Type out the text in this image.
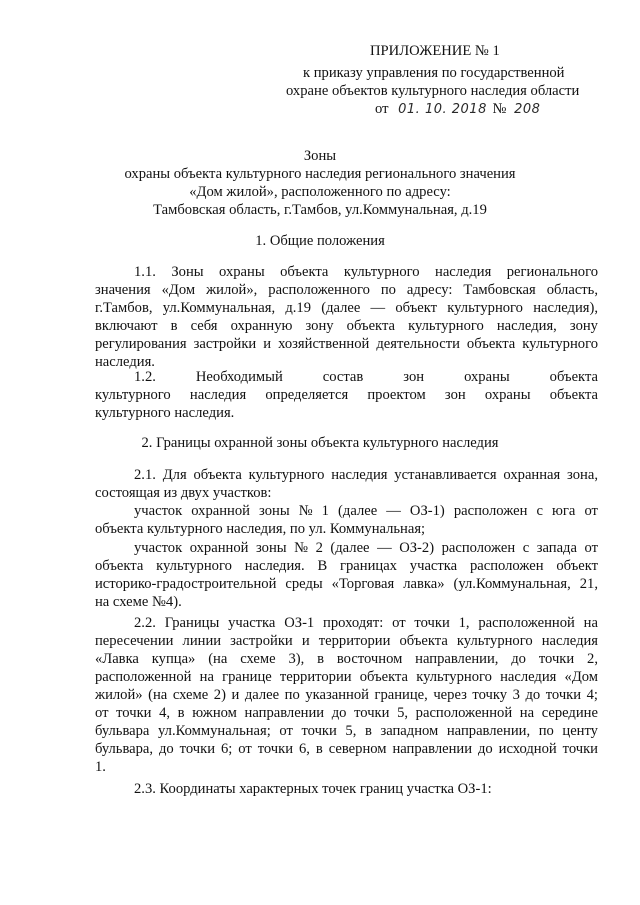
ПРИЛОЖЕНИЕ № 1
к приказу управления по государственной
охране объектов культурного наследия области
от 01. 10. 2018 № 208
Зоны
охраны объекта культурного наследия регионального значения
«Дом жилой», расположенного по адресу:
Тамбовская область, г.Тамбов, ул.Коммунальная, д.19
1. Общие положения
1.1. Зоны охраны объекта культурного наследия регионального
значения «Дом жилой», расположенного по адресу: Тамбовская область,
г.Тамбов, ул.Коммунальная, д.19 (далее — объект культурного наследия),
включают в себя охранную зону объекта культурного наследия, зону
регулирования застройки и хозяйственной деятельности объекта культурного
наследия.
1.2.	Необходимый	состав	зон	охраны	объекта
культурного наследия определяется проектом зон охраны объекта
культурного наследия.
2. Границы охранной зоны объекта культурного наследия
2.1. Для объекта культурного наследия устанавливается охранная зона,
состоящая из двух участков:
участок охранной зоны № 1 (далее — ОЗ-1) расположен с юга от
объекта культурного наследия, по ул. Коммунальная;
участок охранной зоны № 2 (далее — ОЗ-2) расположен с запада от
объекта культурного наследия. В границах участка расположен объект
историко-градостроительной среды «Торговая лавка» (ул.Коммунальная, 21,
на схеме №4).
2.2. Границы участка ОЗ-1 проходят: от точки 1, расположенной на
пересечении линии застройки и территории объекта культурного наследия
«Лавка купца» (на схеме 3), в восточном направлении, до точки 2,
расположенной на границе территории объекта культурного наследия «Дом
жилой» (на схеме 2) и далее по указанной границе, через точку 3 до точки 4;
от точки 4, в южном направлении до точки 5, расположенной на середине
бульвара ул.Коммунальная; от точки 5, в западном направлении, по центу
бульвара, до точки 6; от точки 6, в северном направлении до исходной точки
1.
2.3. Координаты характерных точек границ участка ОЗ-1:
